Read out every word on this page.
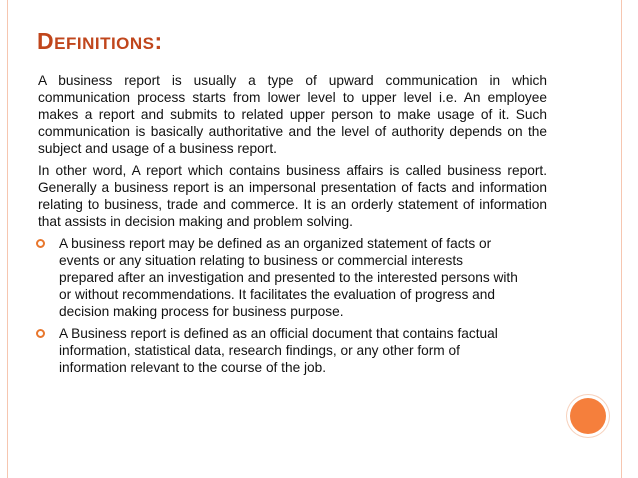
DEFINITIONS:

A business report is usually a type of upward communication in which communication process starts from lower level to upper level i.e. An employee makes a report and submits to related upper person to make usage of it. Such communication is basically authoritative and the level of authority depends on the subject and usage of a business report.

In other word, A report which contains business affairs is called business report. Generally a business report is an impersonal presentation of facts and information relating to business, trade and commerce. It is an orderly statement of information that assists in decision making and problem solving.

A business report may be defined as an organized statement of facts or events or any situation relating to business or commercial interests prepared after an investigation and presented to the interested persons with or without recommendations. It facilitates the evaluation of progress and decision making process for business purpose.
A Business report is defined as an official document that contains factual information, statistical data, research findings, or any other form of information relevant to the course of the job.
